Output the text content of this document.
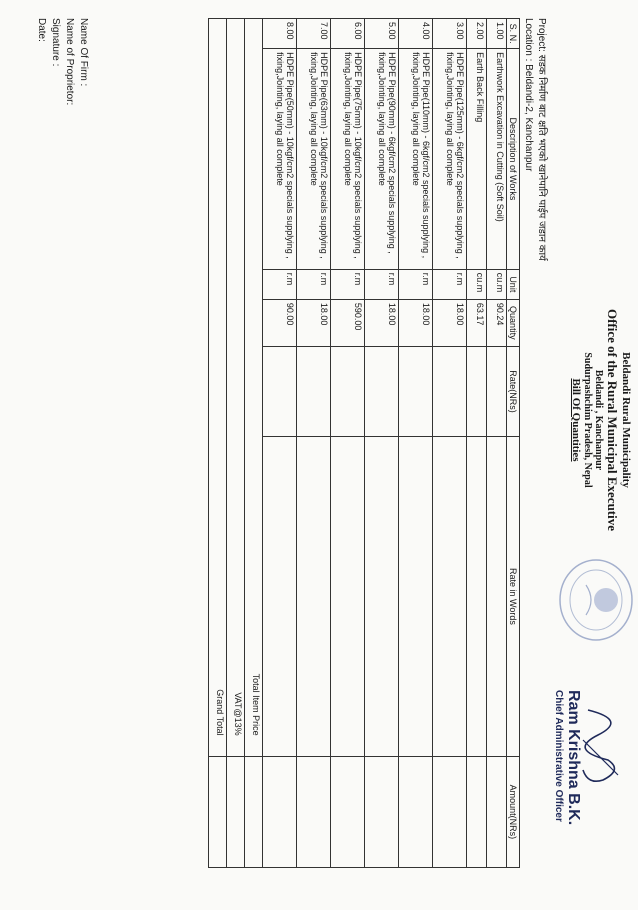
Beldandi Rural Municipality
Office of the Rural Municipal Executive
Beldandi , Kanchanpur
Sudurpashchim Pradesh, Nepal
Bill Of Quantities
Ram Krishna B.K.
Chief Administrative Officer
Project: सडक निर्माण बाट क्षति भएको खानेपानि पाईप जडान कार्य
Location : Beldandi-2, Kanchanpur
S. N.	Description of Works	Unit	Quantity	Rate(NRs)	Rate in Words	Amount(NRs)
1.00	Earthwork Excavation in Cutting (Soft Soil)	cu.m	90.24			
2.00	Earth Back Filling	cu.m	63.17			
3.00	HDPE Pipe(125mm) - 6kgf/cm2 specials supplying , fixing,Jointing, laying all complete	r.m	18.00			
4.00	HDPE Pipe(110mm) - 6kgf/cm2 specials supplying , fixing,Jointing, laying all complete	r.m	18.00			
5.00	HDPE Pipe(90mm) - 6kgf/cm2 specials supplying , fixing,Jointing, laying all complete	r.m	18.00			
6.00	HDPE Pipe(75mm) - 10kgf/cm2 specials supplying , fixing,Jointing, laying all complete	r.m	590.00			
7.00	HDPE Pipe(63mm) - 10kgf/cm2 specials supplying , fixing,Jointing, laying all complete	r.m	18.00			
8.00	HDPE Pipe(50mm) - 10kgf/cm2 specials supplying , fixing,Jointing, laying all complete	r.m	90.00			
Total Item Price						
VAT@13%						
Grand Total						
Name Of Firm :
Name of Proprietor:
Signature :
Date:
